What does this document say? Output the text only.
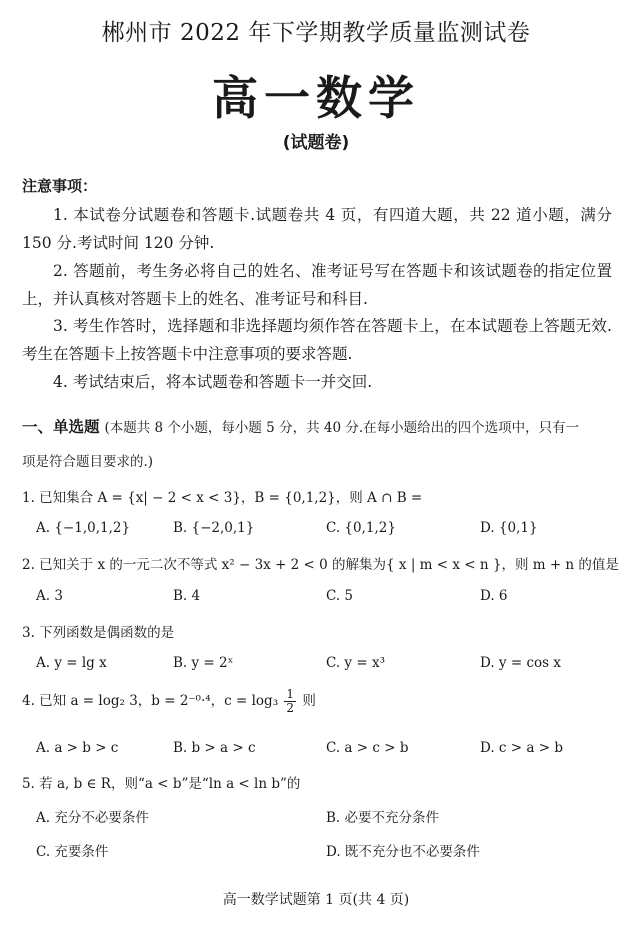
郴州市 2022 年下学期教学质量监测试卷
高一数学
(试题卷)
注意事项：
1. 本试卷分试题卷和答题卡.试题卷共 4 页，有四道大题，共 22 道小题，满分 150 分.考试时间 120 分钟.
2. 答题前，考生务必将自己的姓名、准考证号写在答题卡和该试题卷的指定位置上，并认真核对答题卡上的姓名、准考证号和科目.
3. 考生作答时，选择题和非选择题均须作答在答题卡上，在本试题卷上答题无效.考生在答题卡上按答题卡中注意事项的要求答题.
4. 考试结束后，将本试题卷和答题卡一并交回.
一、单选题 (本题共 8 个小题，每小题 5 分，共 40 分.在每小题给出的四个选项中，只有一
项是符合题目要求的.)
1. 已知集合 A = {x| − 2 < x < 3}，B = {0,1,2}，则 A ∩ B =
A. {−1,0,1,2}	B. {−2,0,1}	C. {0,1,2}	D. {0,1}
2. 已知关于 x 的一元二次不等式 x² − 3x + 2 < 0 的解集为{ x | m < x < n }，则 m + n 的值是
A. 3	B. 4	C. 5	D. 6
3. 下列函数是偶函数的是
A. y = lg x	B. y = 2ˣ	C. y = x³	D. y = cos x
4. 已知 a = log₂ 3，b = 2⁻⁰·⁴，$c = \log_3 \frac{1}{2}$ 则
A. a > b > c	B. b > a > c	C. a > c > b	D. c > a > b
5. 若 a, b ∈ R，则“a < b”是“ln a < ln b”的
A. 充分不必要条件	B. 必要不充分条件
C. 充要条件	D. 既不充分也不必要条件
高一数学试题第 1 页(共 4 页)
